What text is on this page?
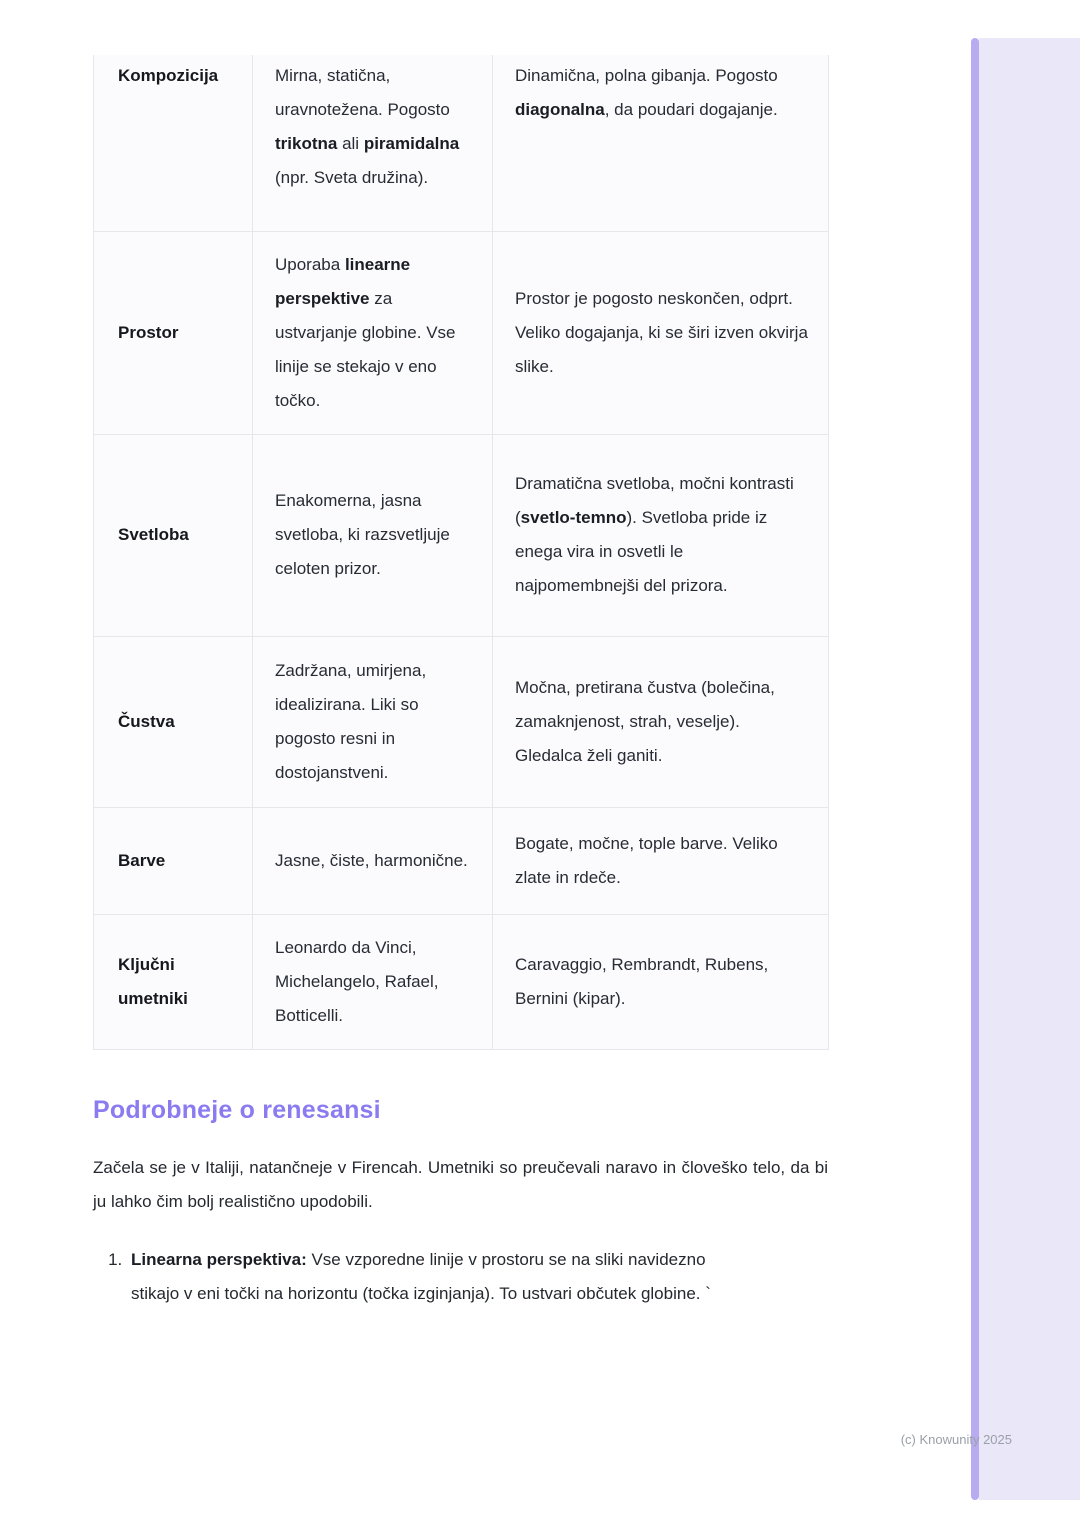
Kompozicija	Mirna, statična, uravnotežena. Pogosto trikotna ali piramidalna (npr. Sveta družina).	Dinamična, polna gibanja. Pogosto diagonalna, da poudari dogajanje.
Prostor	Uporaba linearne perspektive za ustvarjanje globine. Vse linije se stekajo v eno točko.	Prostor je pogosto neskončen, odprt. Veliko dogajanja, ki se širi izven okvirja slike.
Svetloba	Enakomerna, jasna svetloba, ki razsvetljuje celoten prizor.	Dramatična svetloba, močni kontrasti (svetlo-temno). Svetloba pride iz enega vira in osvetli le najpomembnejši del prizora.
Čustva	Zadržana, umirjena, idealizirana. Liki so pogosto resni in dostojanstveni.	Močna, pretirana čustva (bolečina, zamaknjenost, strah, veselje). Gledalca želi ganiti.
Barve	Jasne, čiste, harmonične.	Bogate, močne, tople barve. Veliko zlate in rdeče.
Ključni umetniki	Leonardo da Vinci, Michelangelo, Rafael, Botticelli.	Caravaggio, Rembrandt, Rubens, Bernini (kipar).
Podrobneje o renesansi

Začela se je v Italiji, natančneje v Firencah. Umetniki so preučevali naravo in človeško telo, da bi ju lahko čim bolj realistično upodobili.

1. Linearna perspektiva: Vse vzporedne linije v prostoru se na sliki navidezno stikajo v eni točki na horizontu (točka izginjanja). To ustvari občutek globine. `
(c) Knowunity 2025
